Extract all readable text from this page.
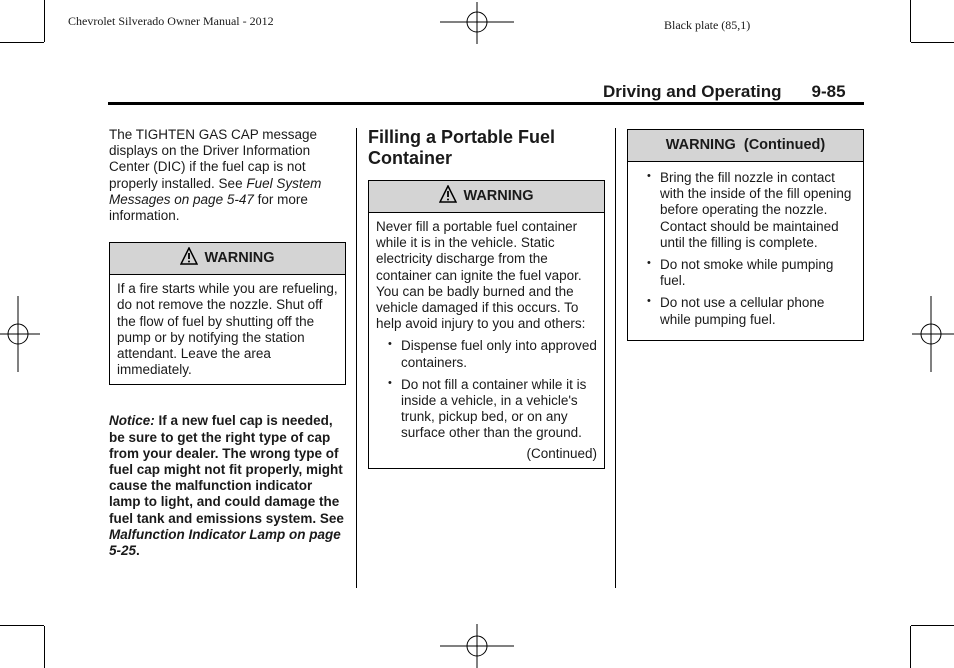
Chevrolet Silverado Owner Manual - 2012	Black plate (85,1)
Driving and Operating 9-85

The TIGHTEN GAS CAP message displays on the Driver Information Center (DIC) if the fuel cap is not properly installed. See Fuel System Messages on page 5-47 for more information.

WARNING
If a fire starts while you are refueling, do not remove the nozzle. Shut off the flow of fuel by shutting off the pump or by notifying the station attendant. Leave the area immediately.

Notice: If a new fuel cap is needed, be sure to get the right type of cap from your dealer. The wrong type of fuel cap might not fit properly, might cause the malfunction indicator lamp to light, and could damage the fuel tank and emissions system. See Malfunction Indicator Lamp on page 5-25.

Filling a Portable Fuel Container
WARNING

Never fill a portable fuel container while it is in the vehicle. Static electricity discharge from the container can ignite the fuel vapor. You can be badly burned and the vehicle damaged if this occurs. To help avoid injury to you and others:

• Dispense fuel only into approved containers.
• Do not fill a container while it is inside a vehicle, in a vehicle's trunk, pickup bed, or on any surface other than the ground.
(Continued)
WARNING  (Continued)
• Bring the fill nozzle in contact with the inside of the fill opening before operating the nozzle. Contact should be maintained until the filling is complete.
• Do not smoke while pumping fuel.
• Do not use a cellular phone while pumping fuel.
